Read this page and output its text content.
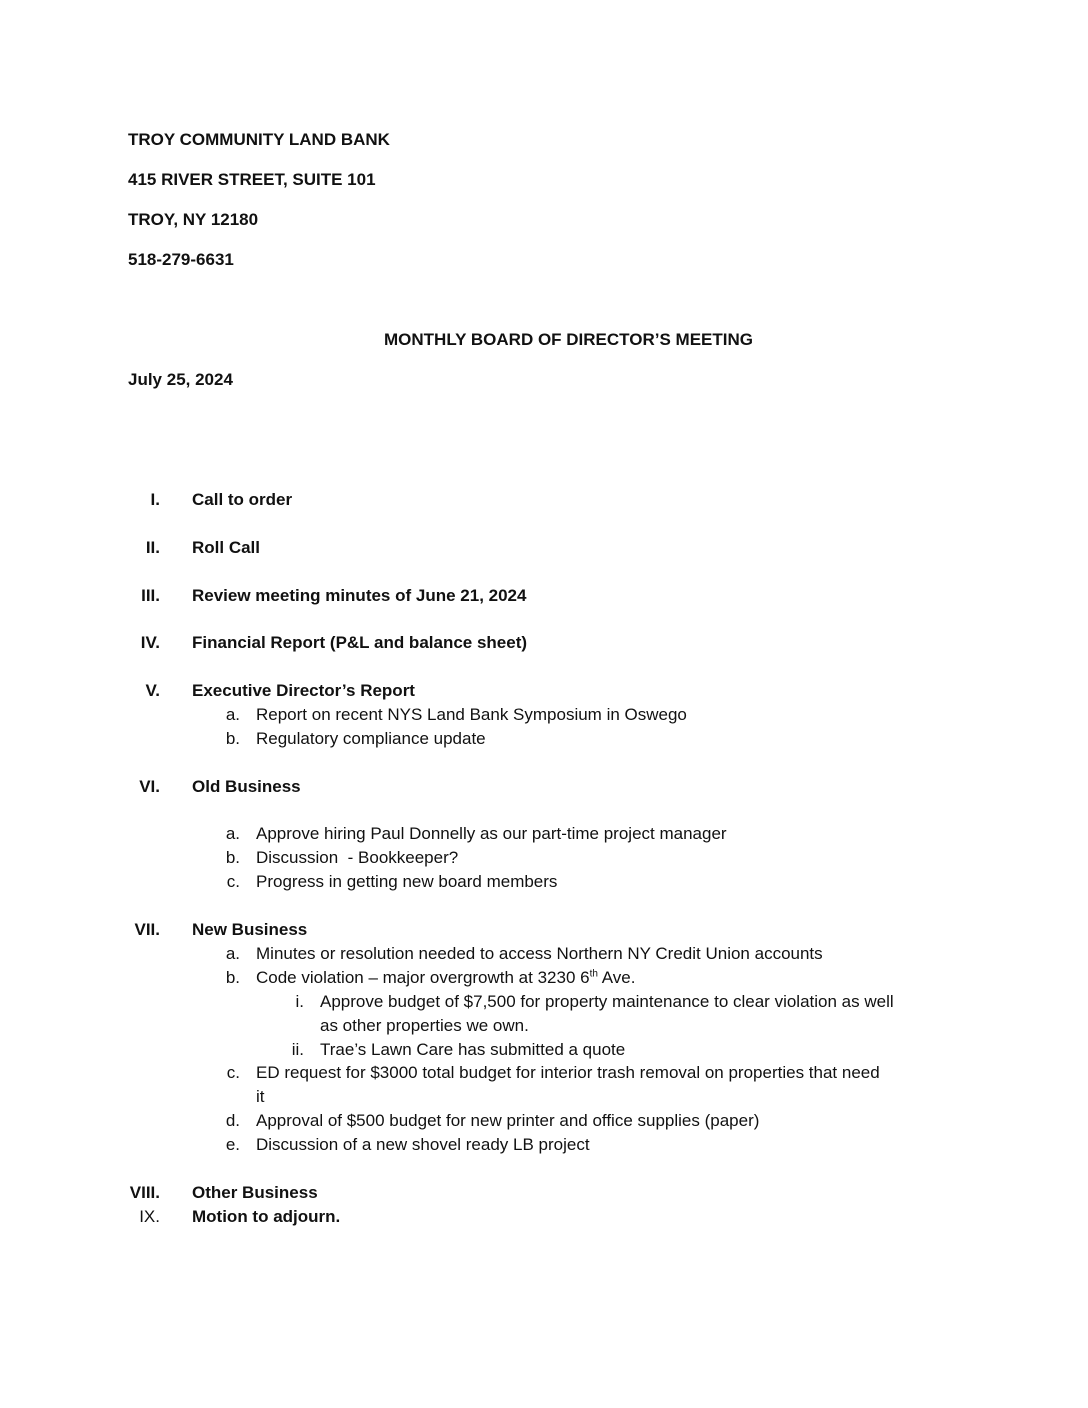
TROY COMMUNITY LAND BANK
415 RIVER STREET, SUITE 101
TROY, NY 12180
518-279-6631
MONTHLY BOARD OF DIRECTOR’S MEETING
July 25, 2024
I. Call to order
II. Roll Call
III. Review meeting minutes of June 21, 2024
IV. Financial Report (P&L and balance sheet)
V. Executive Director’s Report
a. Report on recent NYS Land Bank Symposium in Oswego
b. Regulatory compliance update
VI. Old Business
a. Approve hiring Paul Donnelly as our part-time project manager
b. Discussion  - Bookkeeper?
c. Progress in getting new board members
VII. New Business
a. Minutes or resolution needed to access Northern NY Credit Union accounts
b. Code violation – major overgrowth at 3230 6th Ave.
i. Approve budget of $7,500 for property maintenance to clear violation as well
as other properties we own.
ii. Trae’s Lawn Care has submitted a quote
c. ED request for $3000 total budget for interior trash removal on properties that need
it
d. Approval of $500 budget for new printer and office supplies (paper)
e. Discussion of a new shovel ready LB project
VIII. Other Business
IX. Motion to adjourn.
